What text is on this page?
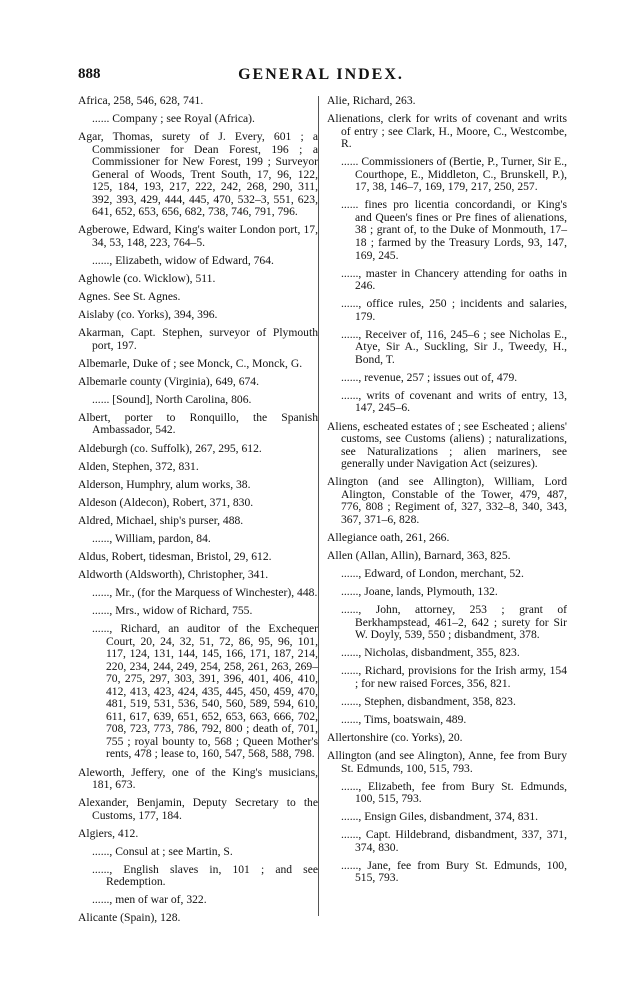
888	GENERAL INDEX.

Africa, 258, 546, 628, 741.

...... Company ; see Royal (Africa).

Agar, Thomas, surety of J. Every, 601 ; a Commissioner for Dean Forest, 196 ; a Commissioner for New Forest, 199 ; Surveyor General of Woods, Trent South, 17, 96, 122, 125, 184, 193, 217, 222, 242, 268, 290, 311, 392, 393, 429, 444, 445, 470, 532–3, 551, 623, 641, 652, 653, 656, 682, 738, 746, 791, 796.

Agberowe, Edward, King's waiter London port, 17, 34, 53, 148, 223, 764–5.

......, Elizabeth, widow of Edward, 764.

Aghowle (co. Wicklow), 511.

Agnes. See St. Agnes.

Aislaby (co. Yorks), 394, 396.

Akarman, Capt. Stephen, surveyor of Plymouth port, 197.

Albemarle, Duke of ; see Monck, C., Monck, G.

Albemarle county (Virginia), 649, 674.

...... [Sound], North Carolina, 806.

Albert, porter to Ronquillo, the Spanish Ambassador, 542.

Aldeburgh (co. Suffolk), 267, 295, 612.

Alden, Stephen, 372, 831.

Alderson, Humphry, alum works, 38.

Aldeson (Aldecon), Robert, 371, 830.

Aldred, Michael, ship's purser, 488.

......, William, pardon, 84.

Aldus, Robert, tidesman, Bristol, 29, 612.

Aldworth (Aldsworth), Christopher, 341.

......, Mr., (for the Marquess of Winchester), 448.

......, Mrs., widow of Richard, 755.

......, Richard, an auditor of the Exchequer Court, 20, 24, 32, 51, 72, 86, 95, 96, 101, 117, 124, 131, 144, 145, 166, 171, 187, 214, 220, 234, 244, 249, 254, 258, 261, 263, 269–70, 275, 297, 303, 391, 396, 401, 406, 410, 412, 413, 423, 424, 435, 445, 450, 459, 470, 481, 519, 531, 536, 540, 560, 589, 594, 610, 611, 617, 639, 651, 652, 653, 663, 666, 702, 708, 723, 773, 786, 792, 800 ; death of, 701, 755 ; royal bounty to, 568 ; Queen Mother's rents, 478 ; lease to, 160, 547, 568, 588, 798.

Aleworth, Jeffery, one of the King's musicians, 181, 673.

Alexander, Benjamin, Deputy Secretary to the Customs, 177, 184.

Algiers, 412.

......, Consul at ; see Martin, S.

......, English slaves in, 101 ; and see Redemption.

......, men of war of, 322.

Alicante (Spain), 128.

Alie, Richard, 263.

Alienations, clerk for writs of covenant and writs of entry ; see Clark, H., Moore, C., Westcombe, R.

...... Commissioners of (Bertie, P., Turner, Sir E., Courthope, E., Middleton, C., Brunskell, P.), 17, 38, 146–7, 169, 179, 217, 250, 257.

...... fines pro licentia concordandi, or King's and Queen's fines or Pre fines of alienations, 38 ; grant of, to the Duke of Monmouth, 17–18 ; farmed by the Treasury Lords, 93, 147, 169, 245.

......, master in Chancery attending for oaths in 246.

......, office rules, 250 ; incidents and salaries, 179.

......, Receiver of, 116, 245–6 ; see Nicholas E., Atye, Sir A., Suckling, Sir J., Tweedy, H., Bond, T.

......, revenue, 257 ; issues out of, 479.

......, writs of covenant and writs of entry, 13, 147, 245–6.

Aliens, escheated estates of ; see Escheated ; aliens' customs, see Customs (aliens) ; naturalizations, see Naturalizations ; alien mariners, see generally under Navigation Act (seizures).

Alington (and see Allington), William, Lord Alington, Constable of the Tower, 479, 487, 776, 808 ; Regiment of, 327, 332–8, 340, 343, 367, 371–6, 828.

Allegiance oath, 261, 266.

Allen (Allan, Allin), Barnard, 363, 825.

......, Edward, of London, merchant, 52.

......, Joane, lands, Plymouth, 132.

......, John, attorney, 253 ; grant of Berkhampstead, 461–2, 642 ; surety for Sir W. Doyly, 539, 550 ; disbandment, 378.

......, Nicholas, disbandment, 355, 823.

......, Richard, provisions for the Irish army, 154 ; for new raised Forces, 356, 821.

......, Stephen, disbandment, 358, 823.

......, Tims, boatswain, 489.

Allertonshire (co. Yorks), 20.

Allington (and see Alington), Anne, fee from Bury St. Edmunds, 100, 515, 793.

......, Elizabeth, fee from Bury St. Edmunds, 100, 515, 793.

......, Ensign Giles, disbandment, 374, 831.

......, Capt. Hildebrand, disbandment, 337, 371, 374, 830.

......, Jane, fee from Bury St. Edmunds, 100, 515, 793.
